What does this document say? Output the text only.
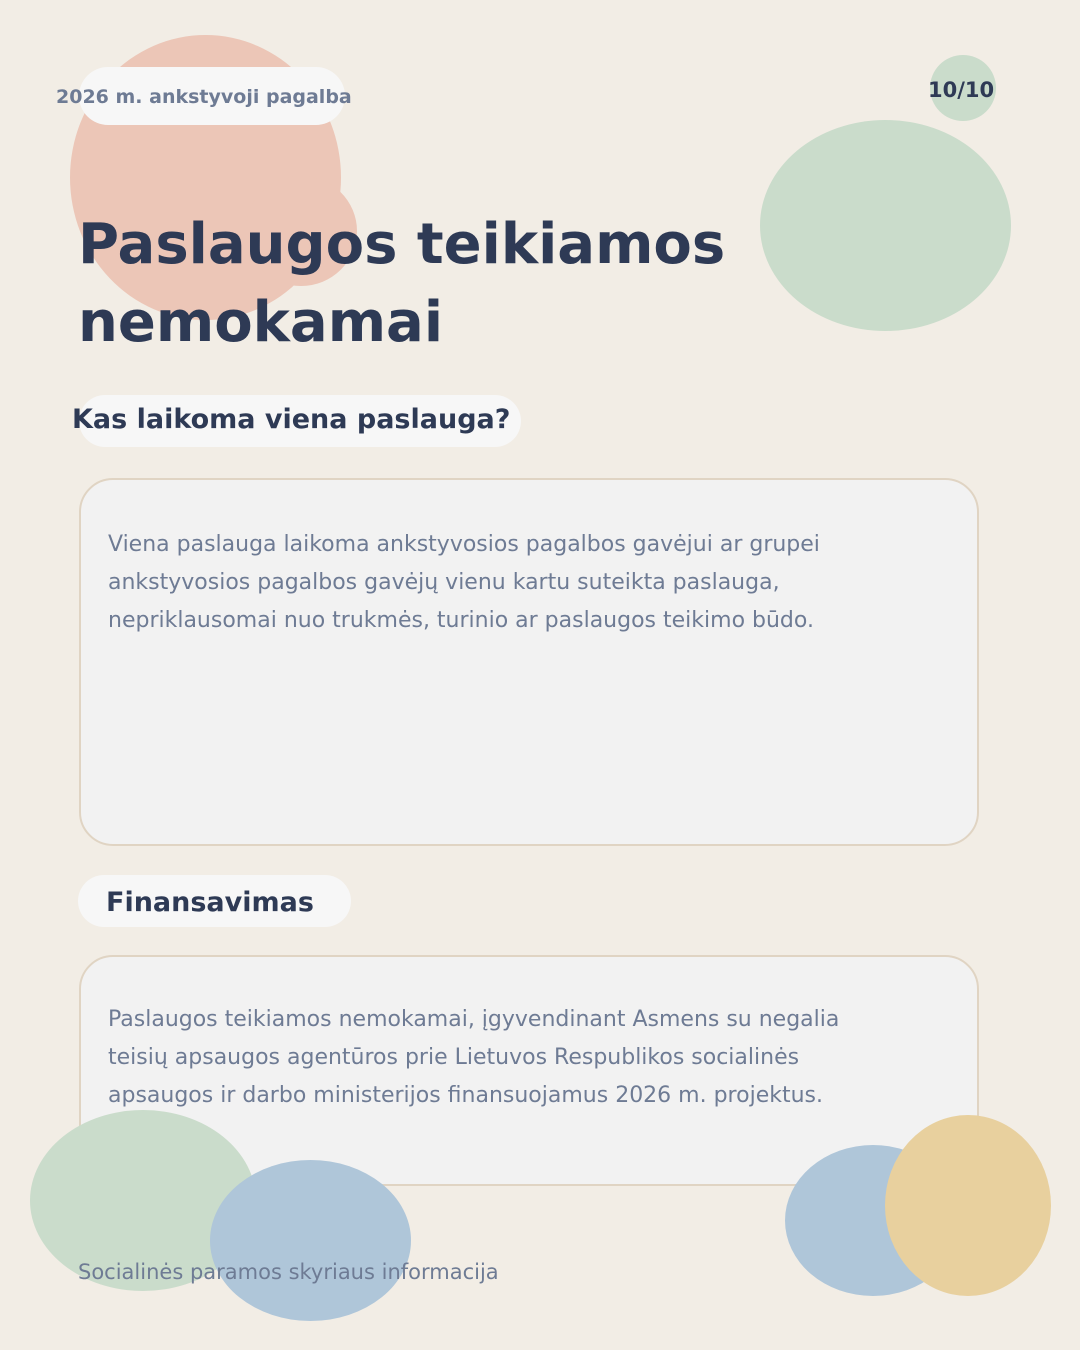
2026 m. ankstyvoji pagalba	10/10
Paslaugos teikiamos
nemokamai
Kas laikoma viena paslauga?

Viena paslauga laikoma ankstyvosios pagalbos gavėjui ar grupei
ankstyvosios pagalbos gavėjų vienu kartu suteikta paslauga,
nepriklausomai nuo trukmės, turinio ar paslaugos teikimo būdo.

Finansavimas

Paslaugos teikiamos nemokamai, įgyvendinant Asmens su negalia
teisių apsaugos agentūros prie Lietuvos Respublikos socialinės
apsaugos ir darbo ministerijos finansuojamus 2026 m. projektus.

Socialinės paramos skyriaus informacija
